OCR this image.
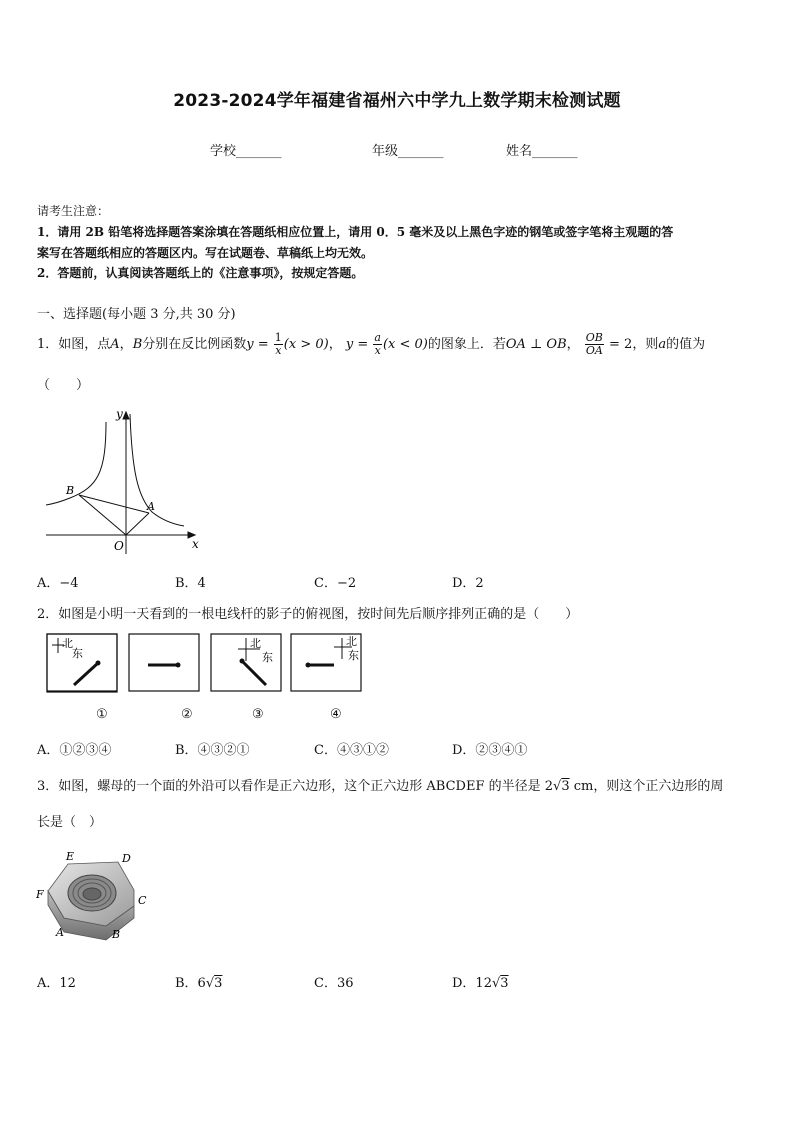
2023-2024学年福建省福州六中学九上数学期末检测试题
学校_______	年级_______	姓名_______
请考生注意：
1．请用 2B 铅笔将选择题答案涂填在答题纸相应位置上，请用 0．5 毫米及以上黑色字迹的钢笔或签字笔将主观题的答
案写在答题纸相应的答题区内。写在试题卷、草稿纸上均无效。
2．答题前，认真阅读答题纸上的《注意事项》，按规定答题。
一、选择题(每小题 3 分,共 30 分)
1．如图，点A，B分别在反比例函数$y = \frac{1}{x} (x > 0)$， $y = \frac{a}{x} (x < 0)$的图象上．若OA ⊥ OB， $\frac{OB}{OA} = 2$，则a的值为
（　　）
y
x
O
A
B
A．−4	B．4	C．−2	D．2
2．如图是小明一天看到的一根电线杆的影子的俯视图，按时间先后顺序排列正确的是（　　）
北
东
北
东
北
东
①	②	③	④
A．①②③④	B．④③②①	C．④③①②	D．②③④①
3．如图，螺母的一个面的外沿可以看作是正六边形，这个正六边形 ABCDEF 的半径是 2√3 cm，则这个正六边形的周
长是（　）
E	D
C
F
A	B
A．12	B．6√3	C．36	D．12√3
